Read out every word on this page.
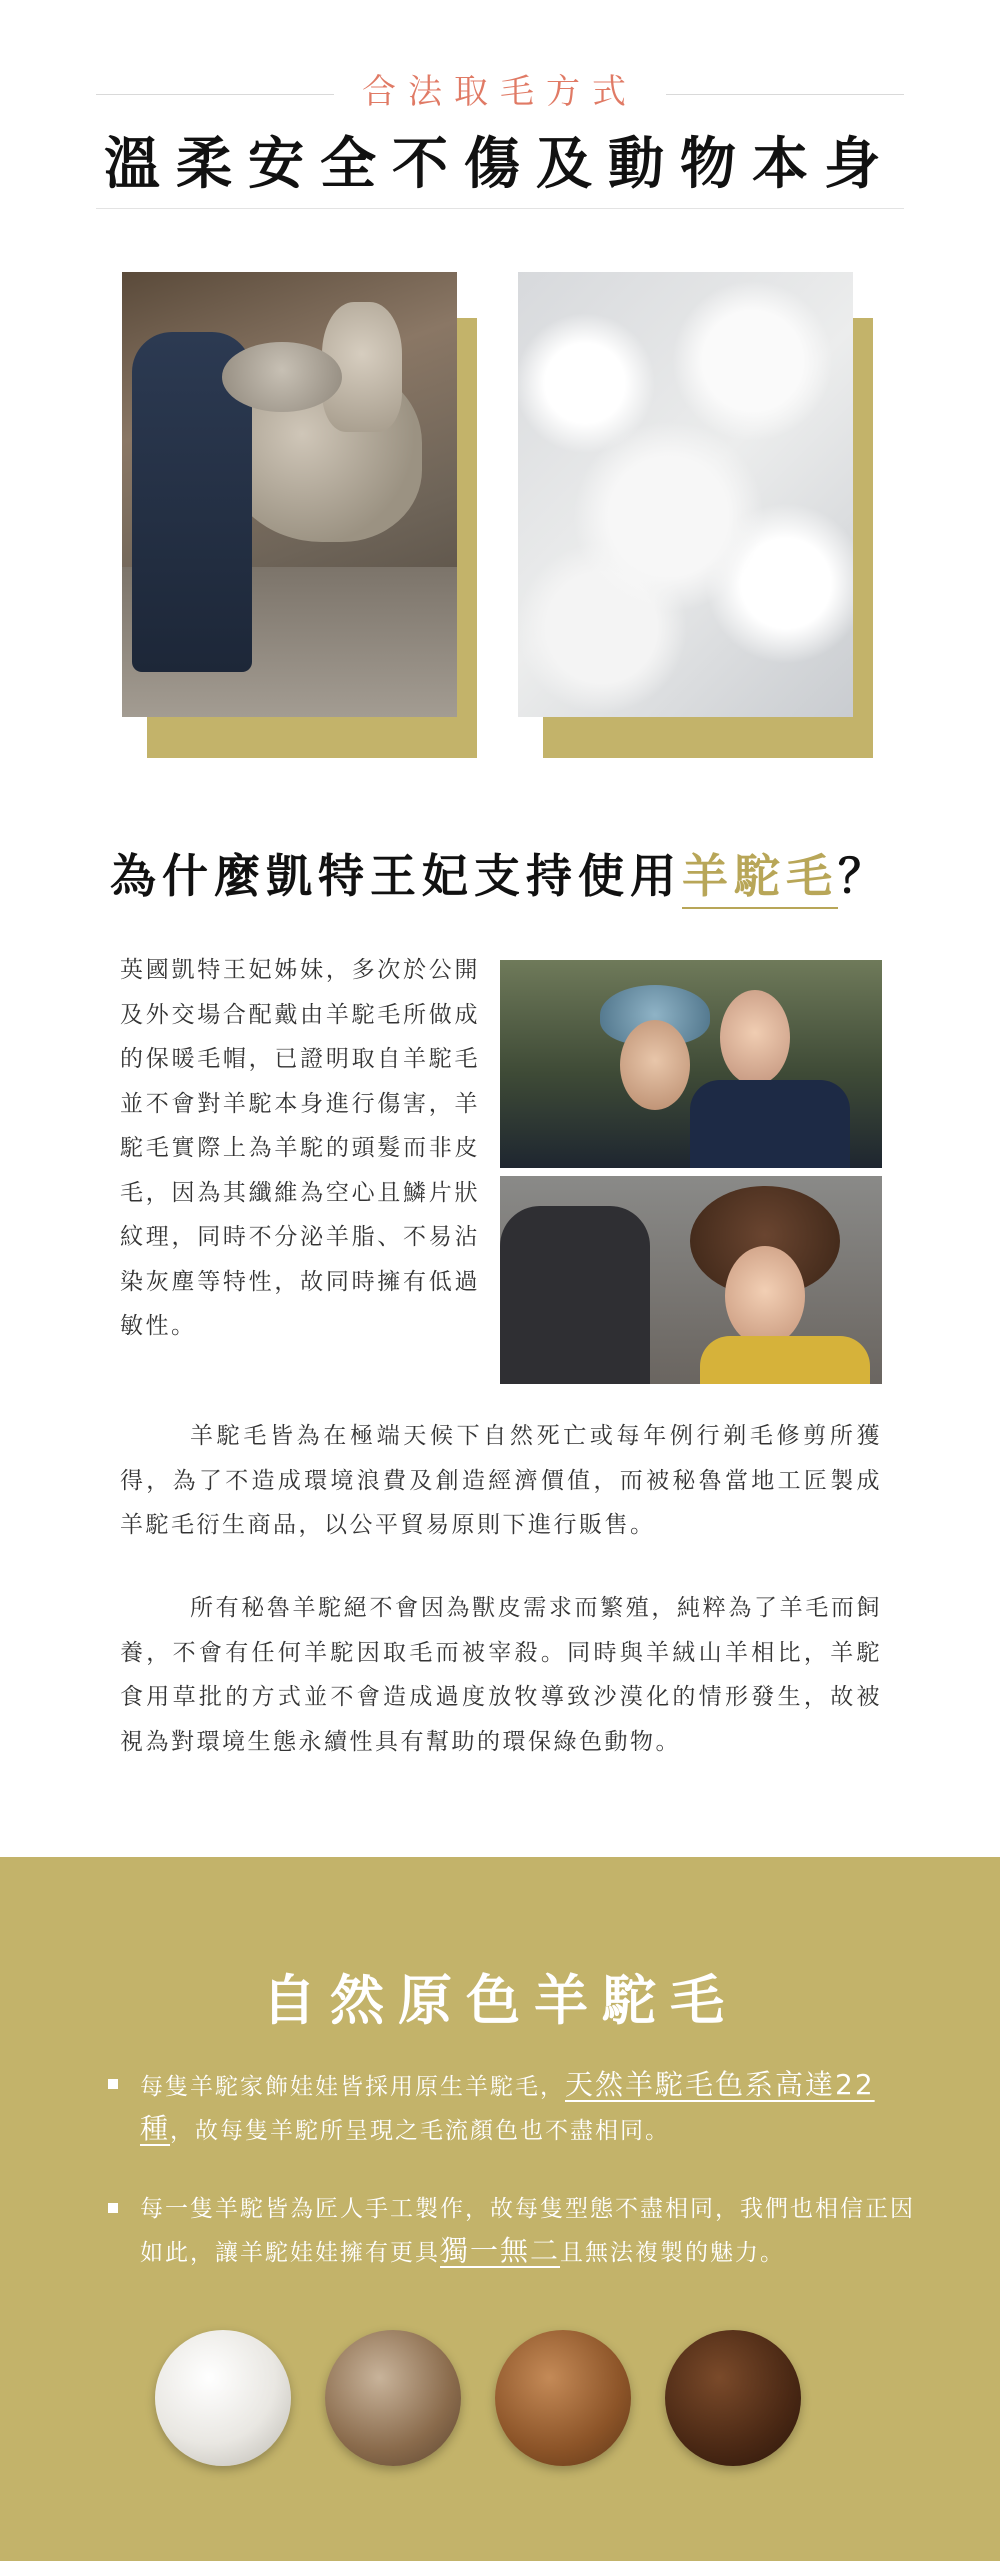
合法取毛方式
溫柔安全不傷及動物本身
為什麼凱特王妃支持使用羊駝毛？
英國凱特王妃姊妹，多次於公開及外交場合配戴由羊駝毛所做成的保暖毛帽，已證明取自羊駝毛並不會對羊駝本身進行傷害，羊駝毛實際上為羊駝的頭髮而非皮毛，因為其纖維為空心且鱗片狀紋理，同時不分泌羊脂、不易沾染灰塵等特性，故同時擁有低過敏性。
羊駝毛皆為在極端天候下自然死亡或每年例行剃毛修剪所獲得，為了不造成環境浪費及創造經濟價值，而被秘魯當地工匠製成羊駝毛衍生商品，以公平貿易原則下進行販售。
所有秘魯羊駝絕不會因為獸皮需求而繁殖，純粹為了羊毛而飼養，不會有任何羊駝因取毛而被宰殺。同時與羊絨山羊相比，羊駝食用草批的方式並不會造成過度放牧導致沙漠化的情形發生，故被視為對環境生態永續性具有幫助的環保綠色動物。
自然原色羊駝毛
每隻羊駝家飾娃娃皆採用原生羊駝毛，天然羊駝毛色系高達22種，故每隻羊駝所呈現之毛流顏色也不盡相同。
每一隻羊駝皆為匠人手工製作，故每隻型態不盡相同，我們也相信正因如此，讓羊駝娃娃擁有更具獨一無二且無法複製的魅力。
